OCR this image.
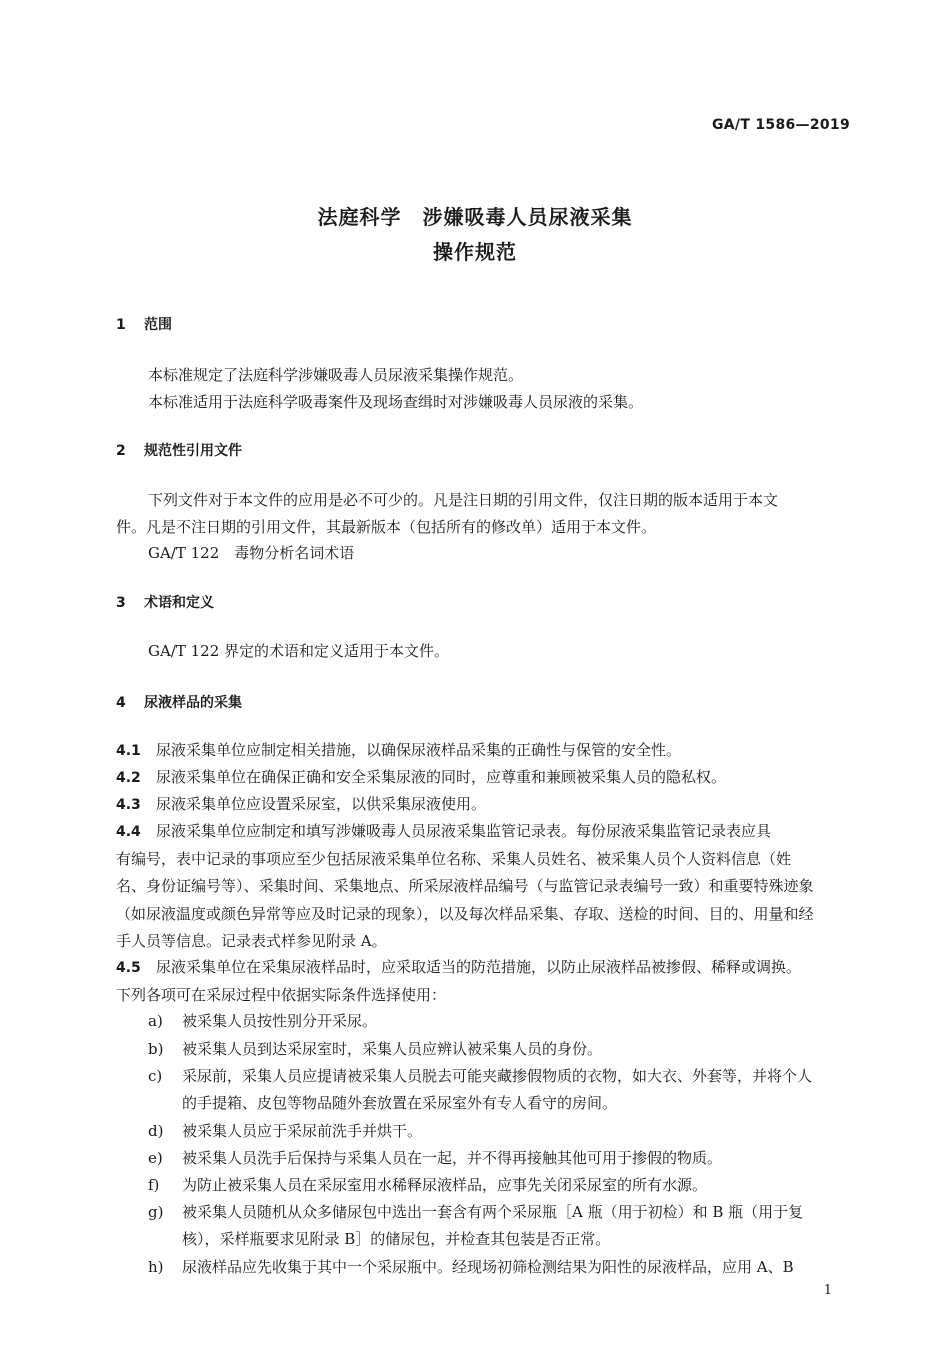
GA/T 1586—2019
法庭科学　涉嫌吸毒人员尿液采集
操作规范
1 范围
本标准规定了法庭科学涉嫌吸毒人员尿液采集操作规范。
本标准适用于法庭科学吸毒案件及现场查缉时对涉嫌吸毒人员尿液的采集。
2 规范性引用文件
下列文件对于本文件的应用是必不可少的。凡是注日期的引用文件，仅注日期的版本适用于本文
件。凡是不注日期的引用文件，其最新版本（包括所有的修改单）适用于本文件。
GA/T 122　毒物分析名词术语
3 术语和定义
GA/T 122 界定的术语和定义适用于本文件。
4 尿液样品的采集
4.1 尿液采集单位应制定相关措施，以确保尿液样品采集的正确性与保管的安全性。
4.2 尿液采集单位在确保正确和安全采集尿液的同时，应尊重和兼顾被采集人员的隐私权。
4.3 尿液采集单位应设置采尿室，以供采集尿液使用。
4.4 尿液采集单位应制定和填写涉嫌吸毒人员尿液采集监管记录表。每份尿液采集监管记录表应具
有编号，表中记录的事项应至少包括尿液采集单位名称、采集人员姓名、被采集人员个人资料信息（姓
名、身份证编号等）、采集时间、采集地点、所采尿液样品编号（与监管记录表编号一致）和重要特殊迹象
（如尿液温度或颜色异常等应及时记录的现象），以及每次样品采集、存取、送检的时间、目的、用量和经
手人员等信息。记录表式样参见附录 A。
4.5 尿液采集单位在采集尿液样品时，应采取适当的防范措施，以防止尿液样品被掺假、稀释或调换。
下列各项可在采尿过程中依据实际条件选择使用：
a)	被采集人员按性别分开采尿。
b)	被采集人员到达采尿室时，采集人员应辨认被采集人员的身份。
c)	采尿前，采集人员应提请被采集人员脱去可能夹藏掺假物质的衣物，如大衣、外套等，并将个人
的手提箱、皮包等物品随外套放置在采尿室外有专人看守的房间。
d)	被采集人员应于采尿前洗手并烘干。
e)	被采集人员洗手后保持与采集人员在一起，并不得再接触其他可用于掺假的物质。
f)	为防止被采集人员在采尿室用水稀释尿液样品，应事先关闭采尿室的所有水源。
g)	被采集人员随机从众多储尿包中选出一套含有两个采尿瓶［A 瓶（用于初检）和 B 瓶（用于复
核），采样瓶要求见附录 B］的储尿包，并检查其包装是否正常。
h)	尿液样品应先收集于其中一个采尿瓶中。经现场初筛检测结果为阳性的尿液样品，应用 A、B
1
